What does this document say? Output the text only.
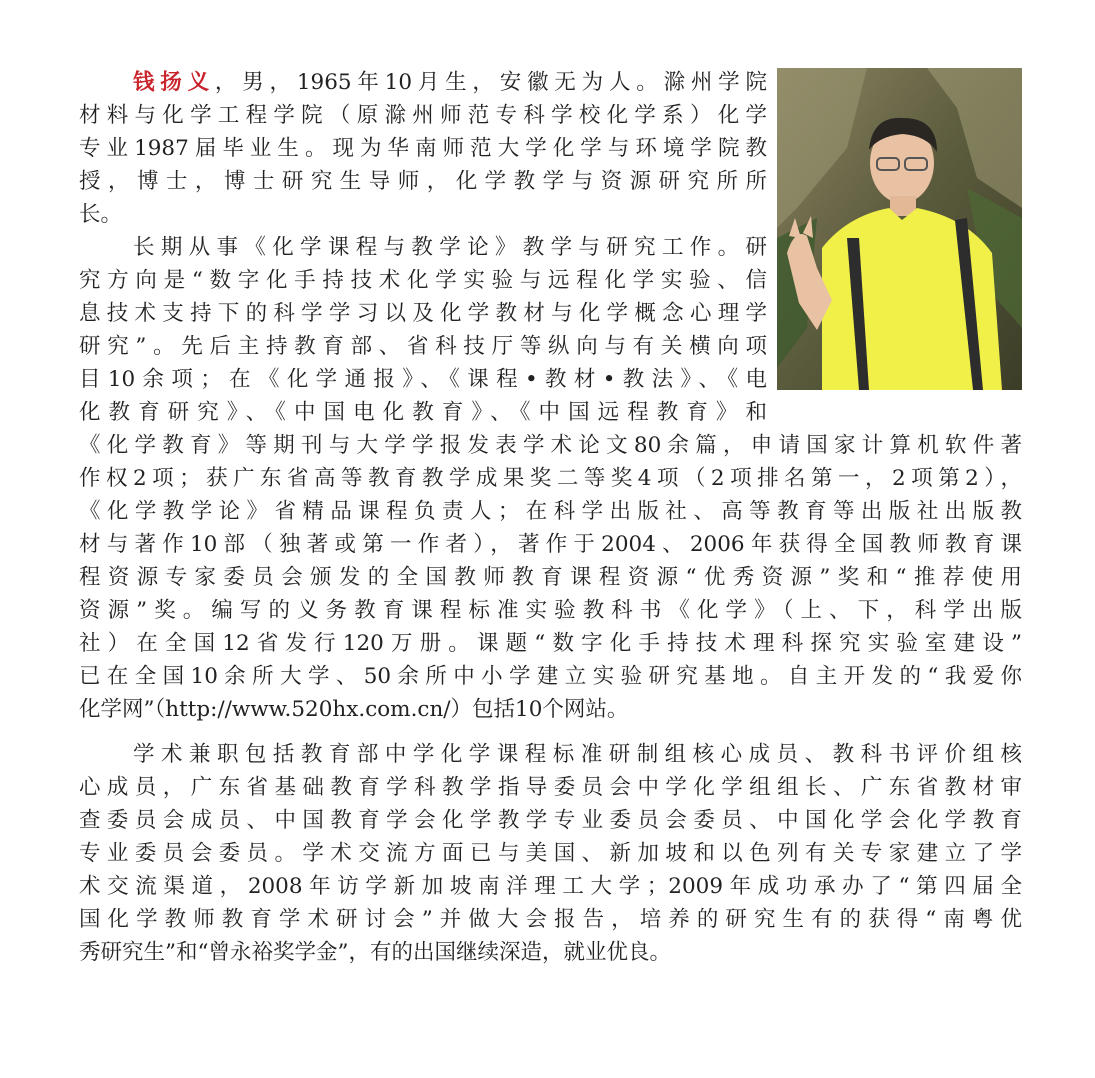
钱扬义，男，1965年10月生，安徽无为人。滁州学院
材料与化学工程学院（原滁州师范专科学校化学系）化学
专业1987届毕业生。现为华南师范大学化学与环境学院教
授，博士，博士研究生导师，化学教学与资源研究所所
长。
长期从事《化学课程与教学论》教学与研究工作。研
究方向是“数字化手持技术化学实验与远程化学实验、信
息技术支持下的科学学习以及化学教材与化学概念心理学
研究”。先后主持教育部、省科技厅等纵向与有关横向项
目10余项；在《化学通报》、《课程•教材•教法》、《电
化教育研究》、《中国电化教育》、《中国远程教育》和
《化学教育》等期刊与大学学报发表学术论文80余篇，申请国家计算机软件著
作权2项；获广东省高等教育教学成果奖二等奖4项（2项排名第一，2项第2），
《化学教学论》省精品课程负责人；在科学出版社、高等教育等出版社出版教
材与著作10部（独著或第一作者），著作于2004、2006年获得全国教师教育课
程资源专家委员会颁发的全国教师教育课程资源“优秀资源”奖和“推荐使用
资源”奖。编写的义务教育课程标准实验教科书《化学》（上、下，科学出版
社）在全国12省发行120万册。课题“数字化手持技术理科探究实验室建设”
已在全国10余所大学、50余所中小学建立实验研究基地。自主开发的“我爱你
化学网”（http://www.520hx.com.cn/）包括10个网站。
学术兼职包括教育部中学化学课程标准研制组核心成员、教科书评价组核
心成员，广东省基础教育学科教学指导委员会中学化学组组长、广东省教材审
查委员会成员、中国教育学会化学教学专业委员会委员、中国化学会化学教育
专业委员会委员。学术交流方面已与美国、新加坡和以色列有关专家建立了学
术交流渠道，2008年访学新加坡南洋理工大学；2009年成功承办了“第四届全
国化学教师教育学术研讨会”并做大会报告，培养的研究生有的获得“南粤优
秀研究生”和“曾永裕奖学金”，有的出国继续深造，就业优良。
